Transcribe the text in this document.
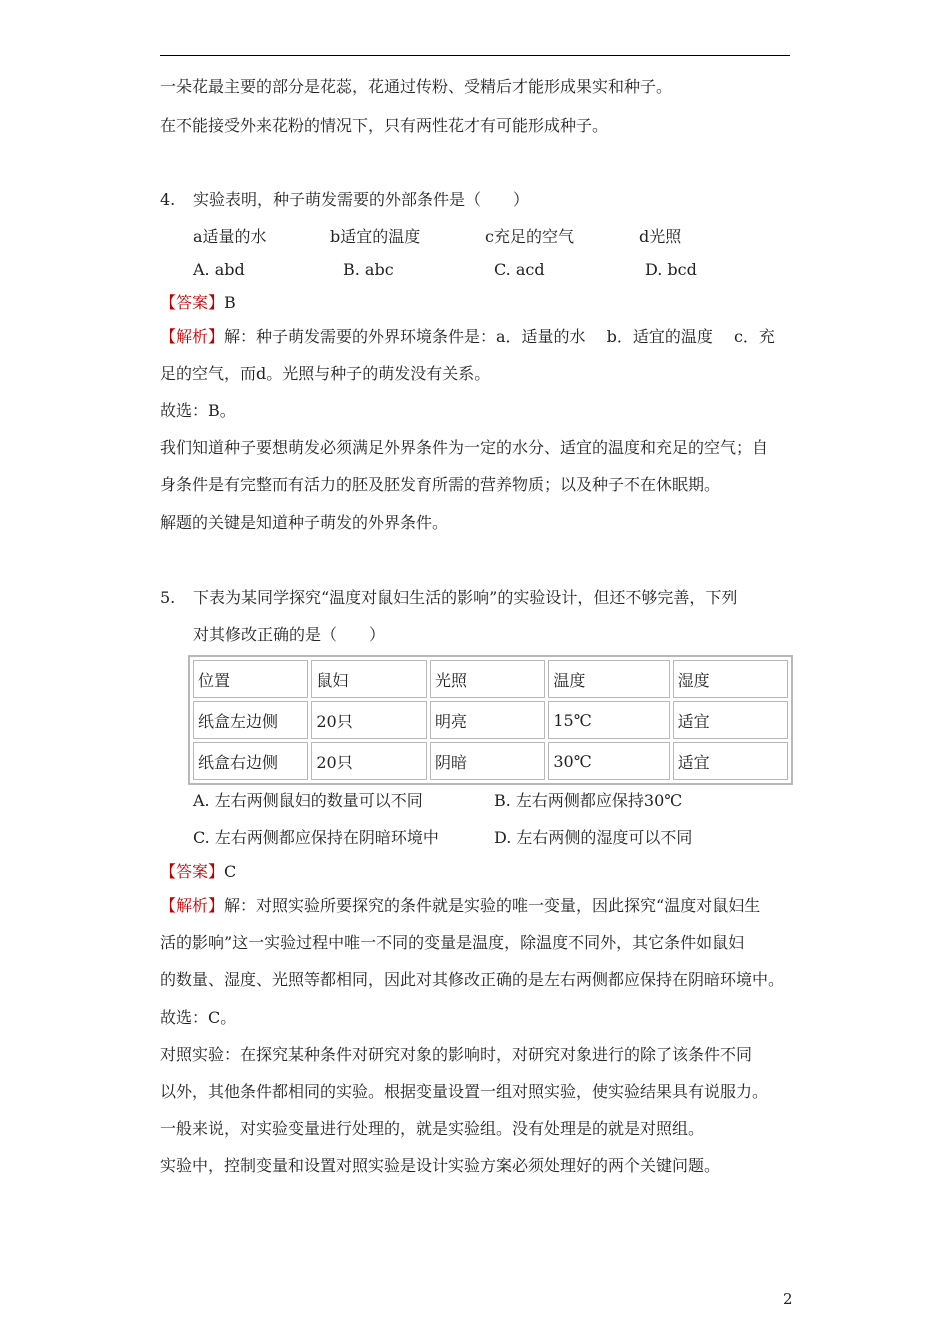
一朵花最主要的部分是花蕊，花通过传粉、受精后才能形成果实和种子。
在不能接受外来花粉的情况下，只有两性花才有可能形成种子。
4. 实验表明，种子萌发需要的外部条件是（　　）
a适量的水	b适宜的温度	c充足的空气	d光照
A. abd	B. abc	C. acd	D. bcd
【答案】B
【解析】解：种子萌发需要的外界环境条件是：a．适量的水　 b．适宜的温度　 c．充
足的空气，而d。光照与种子的萌发没有关系。
故选：B。
我们知道种子要想萌发必须满足外界条件为一定的水分、适宜的温度和充足的空气；自
身条件是有完整而有活力的胚及胚发育所需的营养物质；以及种子不在休眠期。
解题的关键是知道种子萌发的外界条件。
5. 下表为某同学探究“温度对鼠妇生活的影响”的实验设计，但还不够完善，下列
对其修改正确的是（　　）
位置	鼠妇	光照	温度	湿度
纸盒左边侧	20只	明亮	15℃	适宜
纸盒右边侧	20只	阴暗	30℃	适宜
A. 左右两侧鼠妇的数量可以不同	B. 左右两侧都应保持30℃
C. 左右两侧都应保持在阴暗环境中	D. 左右两侧的湿度可以不同
【答案】C
【解析】解：对照实验所要探究的条件就是实验的唯一变量，因此探究“温度对鼠妇生
活的影响”这一实验过程中唯一不同的变量是温度，除温度不同外，其它条件如鼠妇
的数量、湿度、光照等都相同，因此对其修改正确的是左右两侧都应保持在阴暗环境中。
故选：C。
对照实验：在探究某种条件对研究对象的影响时，对研究对象进行的除了该条件不同
以外，其他条件都相同的实验。根据变量设置一组对照实验，使实验结果具有说服力。
一般来说，对实验变量进行处理的，就是实验组。没有处理是的就是对照组。
实验中，控制变量和设置对照实验是设计实验方案必须处理好的两个关键问题。
2
